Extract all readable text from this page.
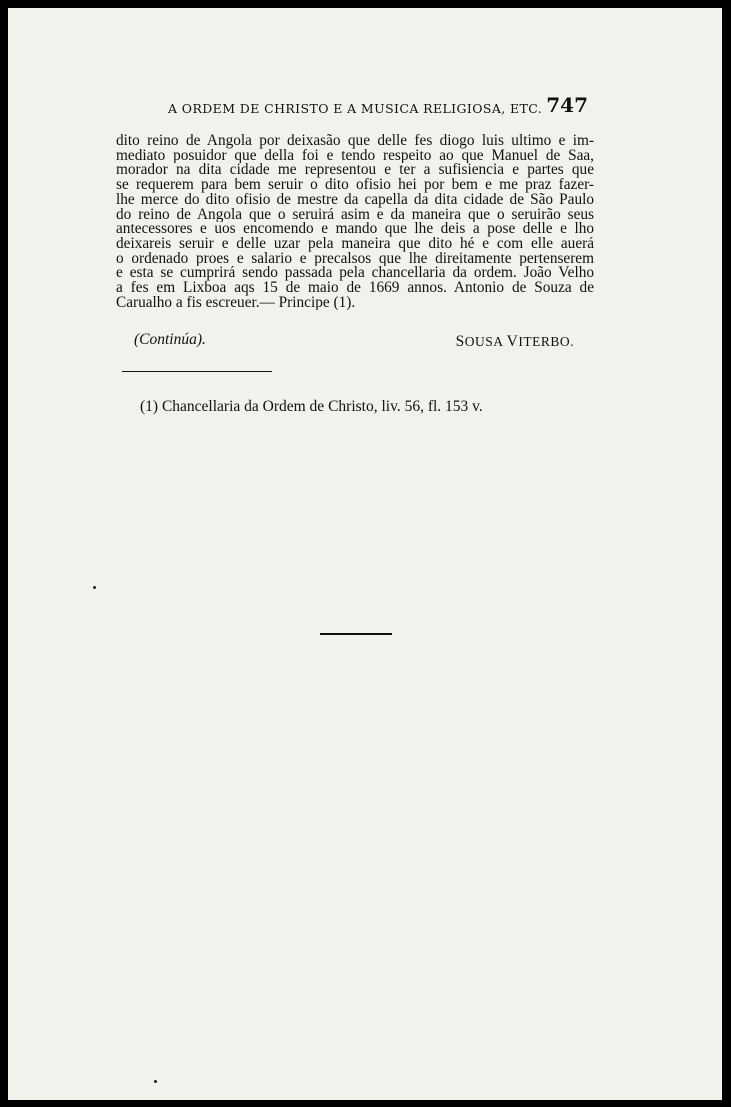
A ORDEM DE CHRISTO E A MUSICA RELIGIOSA, ETC. 747
dito reino de Angola por deixasão que delle fes diogo luis ultimo e im-
mediato posuidor que della foi e tendo respeito ao que Manuel de Saa,
morador na dita cidade me representou e ter a sufisiencia e partes que
se requerem para bem seruir o dito ofisio hei por bem e me praz fazer-
lhe merce do dito ofisio de mestre da capella da dita cidade de São Paulo
do reino de Angola que o seruirá asim e da maneira que o seruirão seus
antecessores e uos encomendo e mando que lhe deis a pose delle e lho
deixareis seruir e delle uzar pela maneira que dito hé e com elle auerá
o ordenado proes e salario e precalsos que lhe direitamente pertenserem
e esta se cumprirá sendo passada pela chancellaria da ordem. João Velho
a fes em Lixboa aqs 15 de maio de 1669 annos. Antonio de Souza de
Carualho a fis escreuer.— Principe (1).
(Continúa).	SOUSA VITERBO.
(1) Chancellaria da Ordem de Christo, liv. 56, fl. 153 v.
